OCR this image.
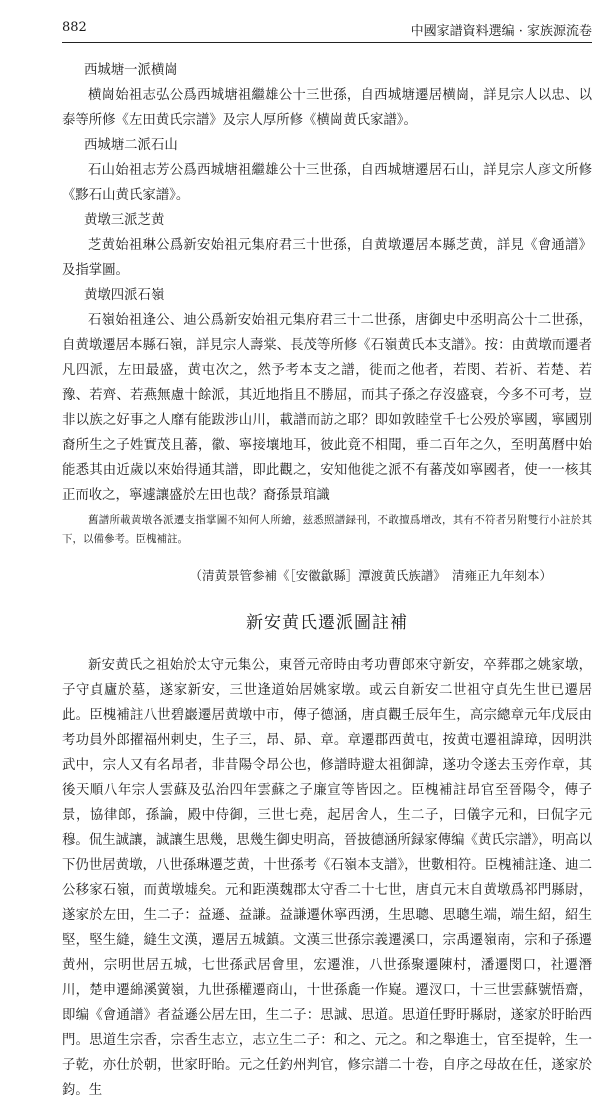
882	中國家譜資料選编 · 家族源流卷

西城塘一派横崗

横崗始祖志弘公爲西城塘祖繼雄公十三世孫，自西城塘遷居横崗，詳見宗人以忠、以泰等所修《左田黄氏宗譜》及宗人厚所修《横崗黄氏家譜》。

西城塘二派石山

石山始祖志芳公爲西城塘祖繼雄公十三世孫，自西城塘遷居石山，詳見宗人彦文所修《黟石山黄氏家譜》。

黄墩三派芝黄

芝黄始祖琳公爲新安始祖元集府君三十世孫，自黄墩遷居本縣芝黄，詳見《會通譜》及指掌圖。

黄墩四派石嶺

石嶺始祖逢公、迪公爲新安始祖元集府君三十二世孫，唐御史中丞明高公十二世孫，自黄墩遷居本縣石嶺，詳見宗人壽棠、長茂等所修《石嶺黄氏本支譜》。按：由黄墩而遷者凡四派，左田最盛，黄屯次之，然予考本支之譜，徙而之他者，若閔、若祈、若楚、若豫、若齊、若燕無慮十餘派，其近地指且不勝屈，而其子孫之存沒盛衰，今多不可考，豈非以族之好事之人靡有能跋涉山川，載譜而訪之耶？即如敦睦堂千七公殁於寧國，寧國別裔所生之子姓實茂且蕃，徽、寧接壤地耳，彼此竟不相聞，垂二百年之久，至明萬曆中始能悉其由近歲以來始得通其譜，即此觀之，安知他徙之派不有蕃茂如寧國者，使一一核其正而收之，寧遽讓盛於左田也哉？裔孫景琯識

舊譜所載黄墩各派遷支指掌圖不知何人所繪，兹悉照譜録刊，不敢擅爲增改，其有不符者另附雙行小註於其下，以備參考。臣槐補註。

（清黄景管参補《［安徽歙縣］潭渡黄氏族譜》　清雍正九年刻本）

新安黄氏遷派圖註補

新安黄氏之祖始於太守元集公，東晉元帝時由考功曹郎來守新安，卒葬郡之姚家墩，子守貞廬於墓，遂家新安，三世逢道始居姚家墩。或云自新安二世祖守貞先生世已遷居此。臣槐補註八世碧巖遷居黄墩中市，傳子德涵，唐貞觀壬辰年生，高宗總章元年戊辰由考功員外郎擢福州剌史，生子三，昂、昴、章。章遷郡西黄屯，按黄屯遷祖諱璋，因明洪武中，宗人又有名昂者，非昔陽令昂公也，修譜時避太祖御諱，遂功令遂去玉旁作章，其後天順八年宗人雲蘇及弘治四年雲蘇之子廉宣等皆因之。臣槐補註昂官至晉陽令，傳子景，協律郎，孫論，殿中侍御，三世七堯，起居舍人，生二子，曰儀字元和，曰侃字元穆。侃生誠讓，誠讓生思幾，思幾生御史明高，晉披德涵所録家傳编《黄氏宗譜》，明高以下仍世居黄墩，八世孫琳遷芝黄，十世孫考《石嶺本支譜》，世數相符。臣槐補註逢、迪二公移家石嶺，而黄墩墟矣。元和距漢魏郡太守香二十七世，唐貞元末自黄墩爲祁門縣尉，遂家於左田，生二子：益遜、益謙。益謙遷休寧西湧，生思聰、思聰生端，端生紹，紹生堅，堅生縫，縫生文漢，遷居五城鎮。文漢三世孫宗義遷溪口，宗禹遷嶺南，宗和子孫遷黄州，宗明世居五城，七世孫武居會里，宏遷淮，八世孫聚遷陳村，潘遷閔口，社遷潛川，楚申遷綿溪黉嶺，九世孫權遷商山，十世孫麁一作嶷。遷汊口，十三世雲蘇號悟齋，即编《會通譜》者益遜公居左田，生二子：思誠、思道。思道任野盱縣尉，遂家於盱眙西門。思道生宗香，宗香生志立，志立生二子：和之、元之。和之舉進士，官至提幹，生一子乾，亦仕於朝，世家盱眙。元之任釣州判官，修宗譜二十卷，自序之母故在任，遂家於鈞。生
